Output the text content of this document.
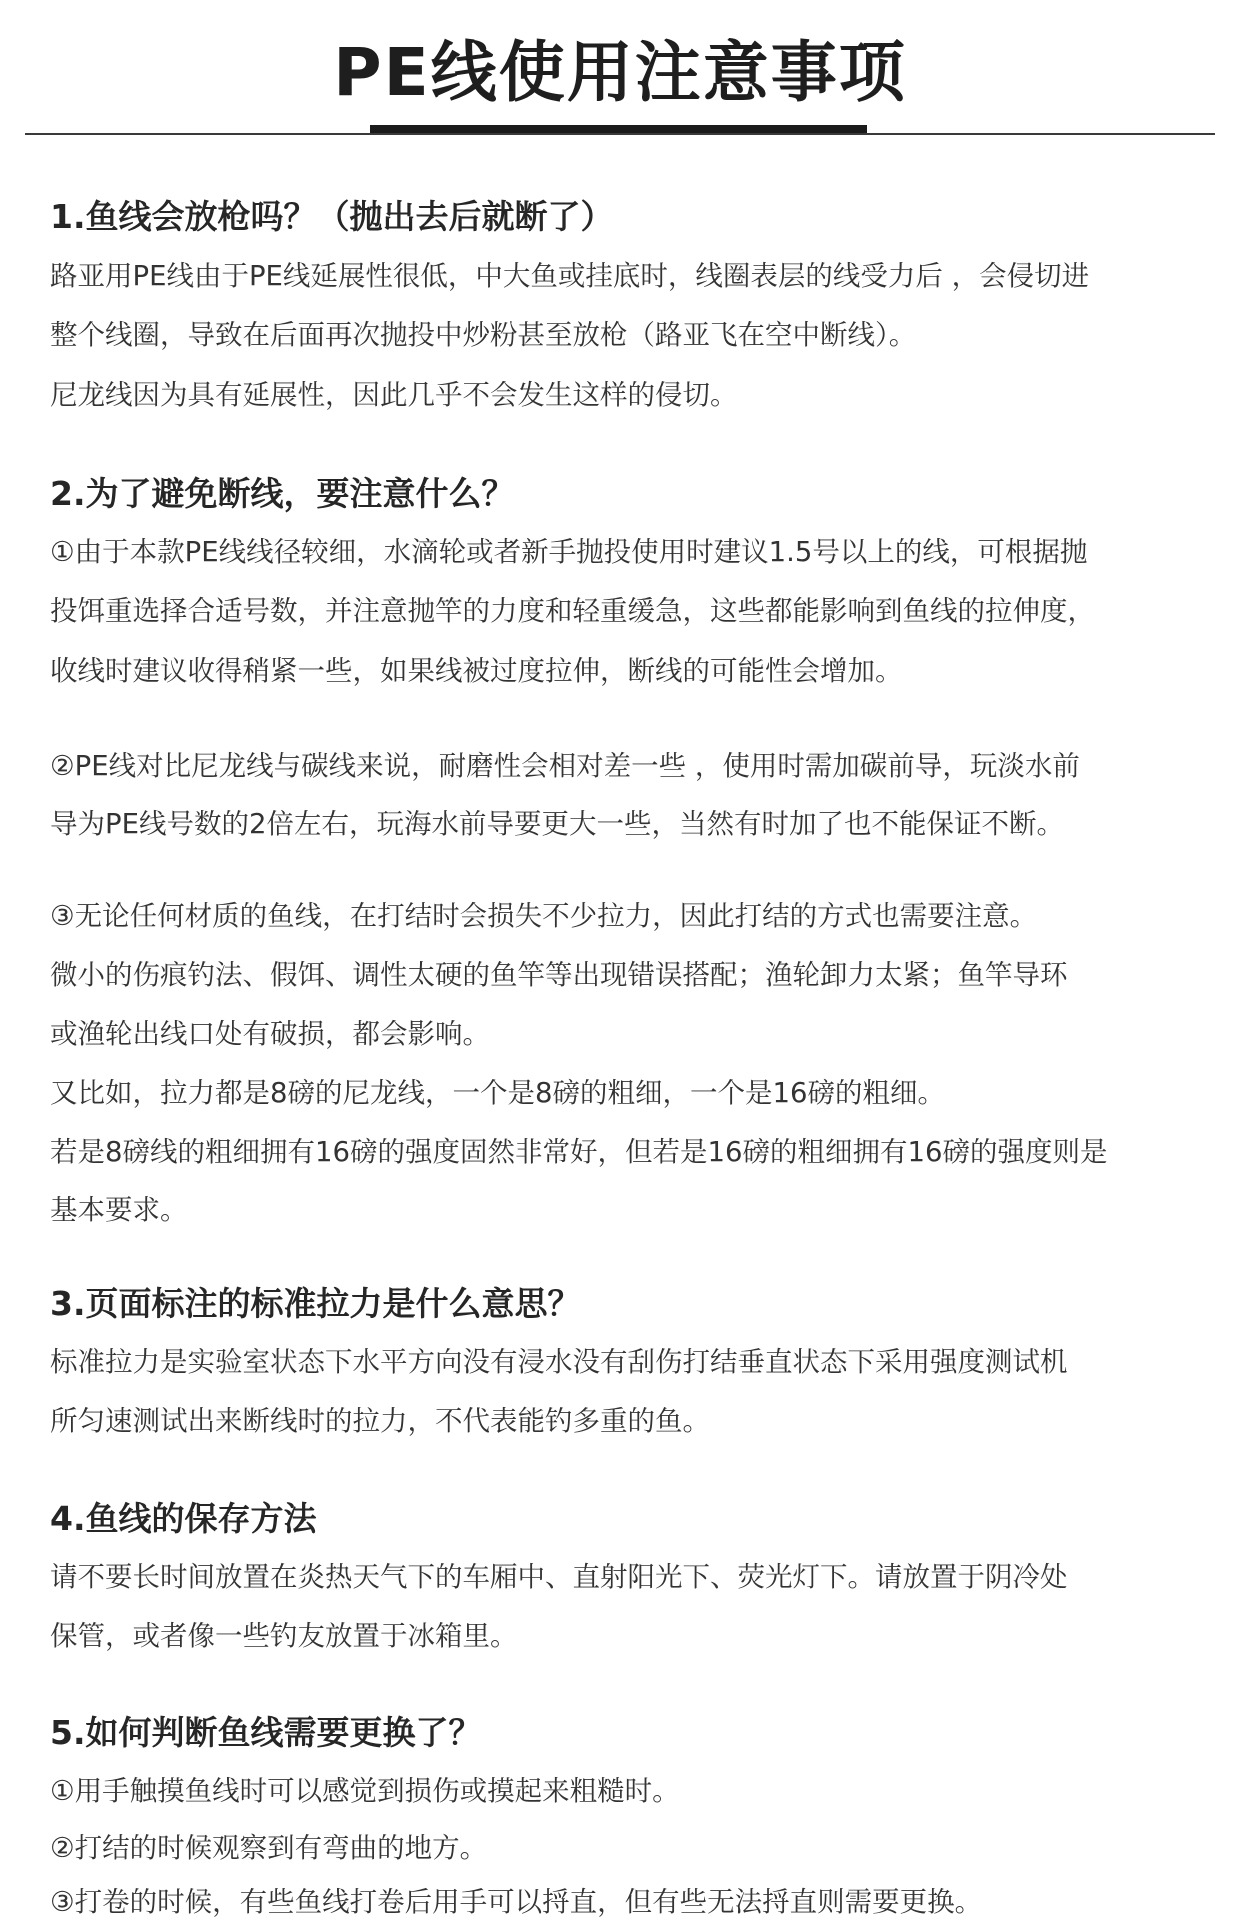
PE线使用注意事项
1.鱼线会放枪吗？（抛出去后就断了）
路亚用PE线由于PE线延展性很低，中大鱼或挂底时，线圈表层的线受力后 ，会侵切进
整个线圈，导致在后面再次抛投中炒粉甚至放枪（路亚飞在空中断线）。
尼龙线因为具有延展性，因此几乎不会发生这样的侵切。
2.为了避免断线，要注意什么？
①由于本款PE线线径较细，水滴轮或者新手抛投使用时建议1.5号以上的线，可根据抛
投饵重选择合适号数，并注意抛竿的力度和轻重缓急，这些都能影响到鱼线的拉伸度，
收线时建议收得稍紧一些，如果线被过度拉伸，断线的可能性会增加。
②PE线对比尼龙线与碳线来说，耐磨性会相对差一些 ，使用时需加碳前导，玩淡水前
导为PE线号数的2倍左右，玩海水前导要更大一些，当然有时加了也不能保证不断。
③无论任何材质的鱼线，在打结时会损失不少拉力，因此打结的方式也需要注意。
微小的伤痕钓法、假饵、调性太硬的鱼竿等出现错误搭配；渔轮卸力太紧；鱼竿导环
或渔轮出线口处有破损，都会影响。
又比如，拉力都是8磅的尼龙线，一个是8磅的粗细，一个是16磅的粗细。
若是8磅线的粗细拥有16磅的强度固然非常好，但若是16磅的粗细拥有16磅的强度则是
基本要求。
3.页面标注的标准拉力是什么意思？
标准拉力是实验室状态下水平方向没有浸水没有刮伤打结垂直状态下采用强度测试机
所匀速测试出来断线时的拉力，不代表能钓多重的鱼。
4.鱼线的保存方法
请不要长时间放置在炎热天气下的车厢中、直射阳光下、荧光灯下。请放置于阴冷处
保管，或者像一些钓友放置于冰箱里。
5.如何判断鱼线需要更换了？
①用手触摸鱼线时可以感觉到损伤或摸起来粗糙时。
②打结的时候观察到有弯曲的地方。
③打卷的时候，有些鱼线打卷后用手可以捋直，但有些无法捋直则需要更换。
